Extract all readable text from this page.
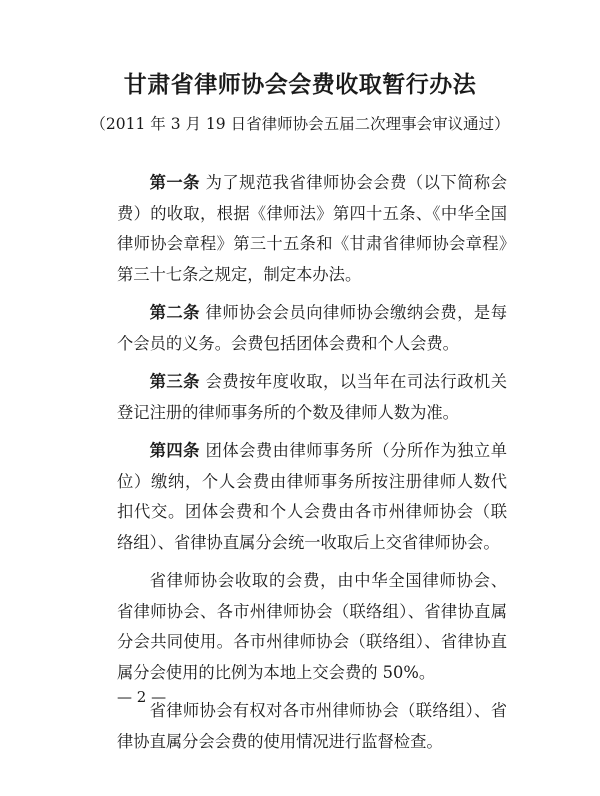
甘肃省律师协会会费收取暂行办法
（2011 年 3 月 19 日省律师协会五届二次理事会审议通过）

第一条 为了规范我省律师协会会费（以下简称会费）的收取，根据《律师法》第四十五条、《中华全国律师协会章程》第三十五条和《甘肃省律师协会章程》第三十七条之规定，制定本办法。

第二条 律师协会会员向律师协会缴纳会费，是每个会员的义务。会费包括团体会费和个人会费。

第三条 会费按年度收取，以当年在司法行政机关登记注册的律师事务所的个数及律师人数为准。

第四条 团体会费由律师事务所（分所作为独立单位）缴纳，个人会费由律师事务所按注册律师人数代扣代交。团体会费和个人会费由各市州律师协会（联络组）、省律协直属分会统一收取后上交省律师协会。

省律师协会收取的会费，由中华全国律师协会、省律师协会、各市州律师协会（联络组）、省律协直属分会共同使用。各市州律师协会（联络组）、省律协直属分会使用的比例为本地上交会费的 50%。

省律师协会有权对各市州律师协会（联络组）、省律协直属分会会费的使用情况进行监督检查。

— 2 —
